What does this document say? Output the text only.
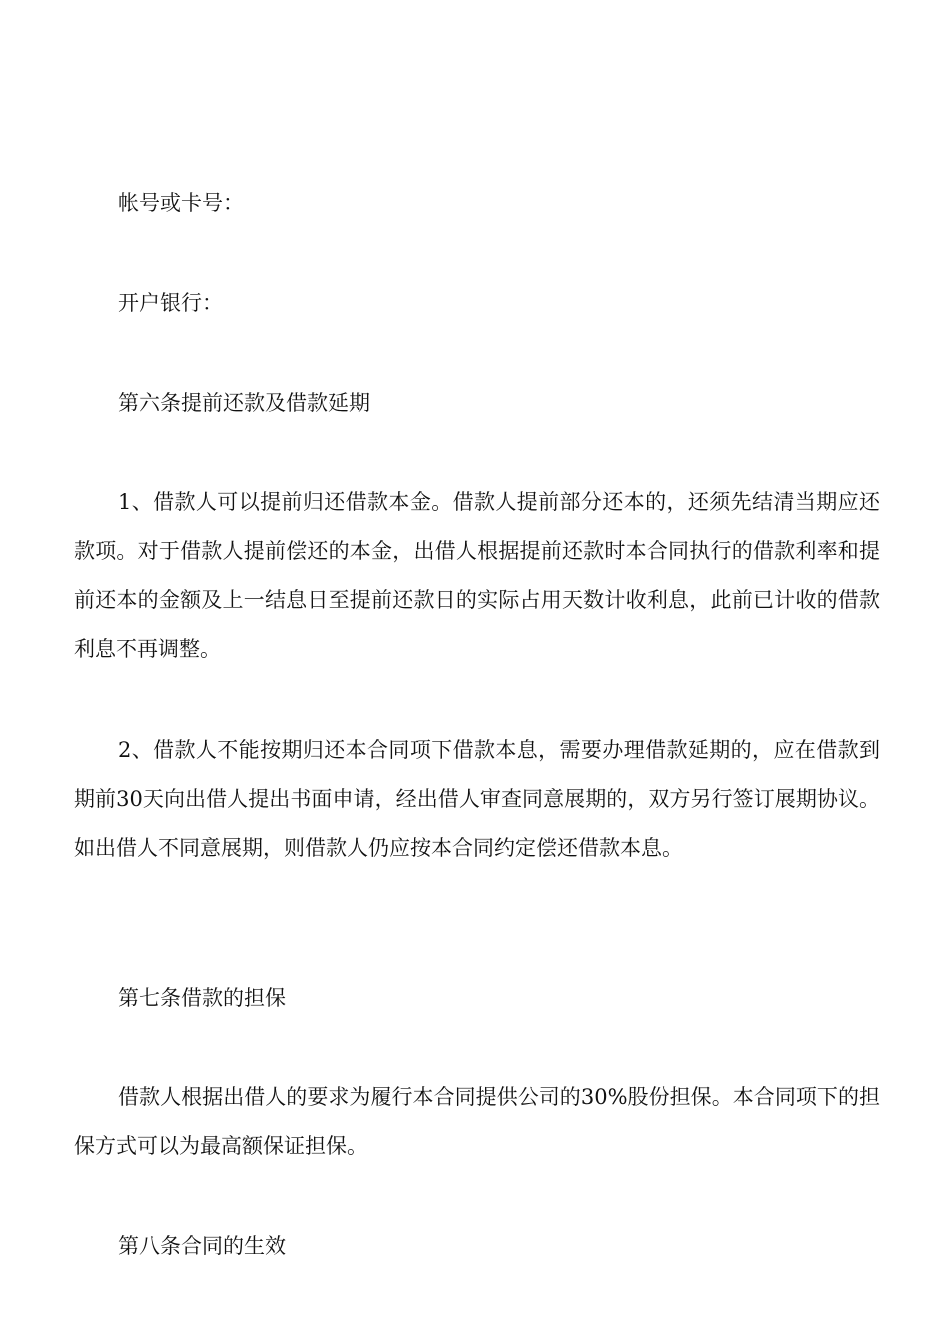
帐号或卡号：

开户银行：

第六条提前还款及借款延期

1、借款人可以提前归还借款本金。借款人提前部分还本的，还须先结清当期应还款项。对于借款人提前偿还的本金，出借人根据提前还款时本合同执行的借款利率和提前还本的金额及上一结息日至提前还款日的实际占用天数计收利息，此前已计收的借款利息不再调整。

2、借款人不能按期归还本合同项下借款本息，需要办理借款延期的，应在借款到期前30天向出借人提出书面申请，经出借人审查同意展期的，双方另行签订展期协议。如出借人不同意展期，则借款人仍应按本合同约定偿还借款本息。

第七条借款的担保

借款人根据出借人的要求为履行本合同提供公司的30%股份担保。本合同项下的担保方式可以为最高额保证担保。

第八条合同的生效
